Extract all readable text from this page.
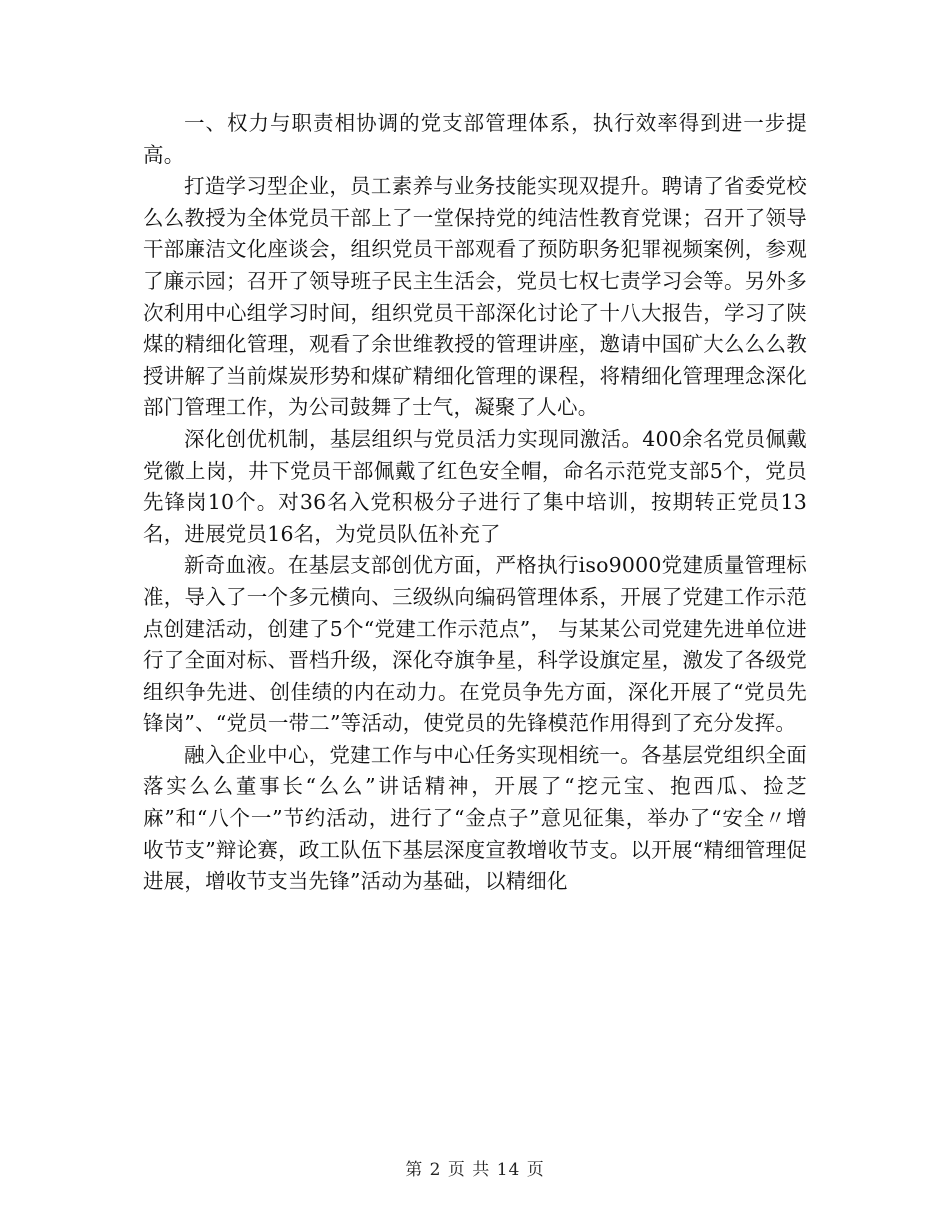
一、权力与职责相协调的党支部管理体系，执行效率得到进一步提高。

打造学习型企业，员工素养与业务技能实现双提升。聘请了省委党校么么教授为全体党员干部上了一堂保持党的纯洁性教育党课；召开了领导干部廉洁文化座谈会，组织党员干部观看了预防职务犯罪视频案例，参观了廉示园；召开了领导班子民主生活会，党员七权七责学习会等。另外多次利用中心组学习时间，组织党员干部深化讨论了十八大报告，学习了陕煤的精细化管理，观看了余世维教授的管理讲座，邀请中国矿大么么么教授讲解了当前煤炭形势和煤矿精细化管理的课程，将精细化管理理念深化部门管理工作，为公司鼓舞了士气，凝聚了人心。

深化创优机制，基层组织与党员活力实现同激活。400余名党员佩戴党徽上岗，井下党员干部佩戴了红色安全帽，命名示范党支部5个，党员先锋岗10个。对36名入党积极分子进行了集中培训，按期转正党员13名，进展党员16名，为党员队伍补充了

新奇血液。在基层支部创优方面，严格执行iso9000党建质量管理标准，导入了一个多元横向、三级纵向编码管理体系，开展了党建工作示范点创建活动，创建了5个“党建工作示范点”， 与某某公司党建先进单位进行了全面对标、晋档升级，深化夺旗争星，科学设旗定星，激发了各级党组织争先进、创佳绩的内在动力。在党员争先方面，深化开展了“党员先锋岗”、“党员一带二”等活动，使党员的先锋模范作用得到了充分发挥。

融入企业中心，党建工作与中心任务实现相统一。各基层党组织全面落实么么董事长“么么”讲话精神，开展了“挖元宝、抱西瓜、捡芝麻”和“八个一”节约活动，进行了“金点子”意见征集，举办了“安全〃增收节支”辩论赛，政工队伍下基层深度宣教增收节支。以开展“精细管理促进展，增收节支当先锋”活动为基础，以精细化

第 2 页 共 14 页
